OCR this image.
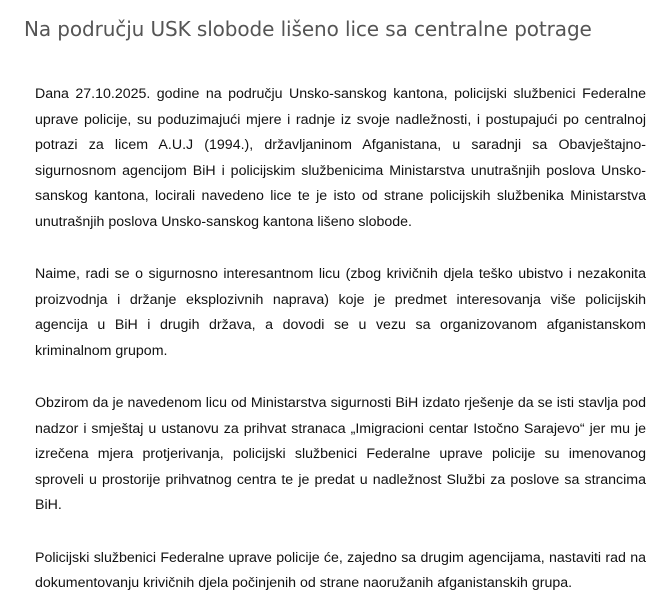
Na području USK slobode lišeno lice sa centralne potrage

Dana 27.10.2025. godine na području Unsko-sanskog kantona, policijski službenici Federalne uprave policije, su poduzimajući mjere i radnje iz svoje nadležnosti, i postupajući po centralnoj potrazi za licem A.U.J (1994.), državljaninom Afganistana, u saradnji sa Obavještajno-sigurnosnom agencijom BiH i policijskim službenicima Ministarstva unutrašnjih poslova Unsko-sanskog kantona, locirali navedeno lice te je isto od strane policijskih službenika Ministarstva unutrašnjih poslova Unsko-sanskog kantona lišeno slobode.

Naime, radi se o sigurnosno interesantnom licu (zbog krivičnih djela teško ubistvo i nezakonita proizvodnja i držanje eksplozivnih naprava) koje je predmet interesovanja više policijskih agencija u BiH i drugih država, a dovodi se u vezu sa organizovanom afganistanskom kriminalnom grupom.

Obzirom da je navedenom licu od Ministarstva sigurnosti BiH izdato rješenje da se isti stavlja pod nadzor i smještaj u ustanovu za prihvat stranaca „Imigracioni centar Istočno Sarajevo“ jer mu je izrečena mjera protjerivanja, policijski službenici Federalne uprave policije su imenovanog sproveli u prostorije prihvatnog centra te je predat u nadležnost Službi za poslove sa strancima BiH.

Policijski službenici Federalne uprave policije će, zajedno sa drugim agencijama, nastaviti rad na dokumentovanju krivičnih djela počinjenih od strane naoružanih afganistanskih grupa.
